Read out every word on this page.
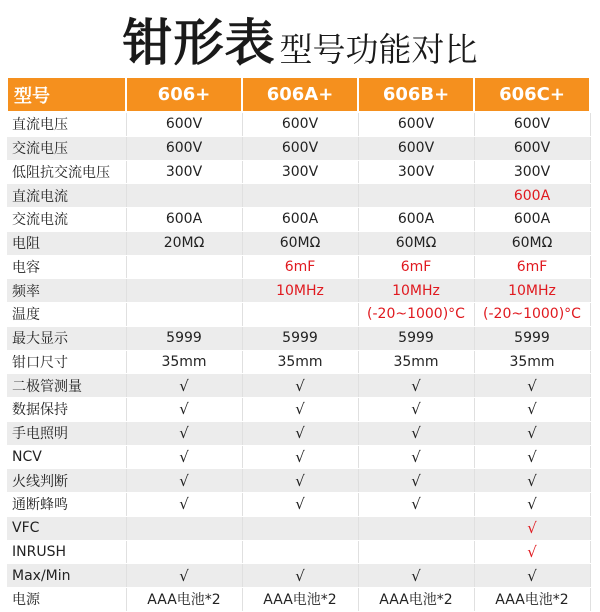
钳形表 型号功能对比
型号	606+	606A+	606B+	606C+
直流电压	600V	600V	600V	600V
交流电压	600V	600V	600V	600V
低阻抗交流电压	300V	300V	300V	300V
直流电流				600A
交流电流	600A	600A	600A	600A
电阻	20MΩ	60MΩ	60MΩ	60MΩ
电容		6mF	6mF	6mF
频率		10MHz	10MHz	10MHz
温度			(-20~1000)°C	(-20~1000)°C
最大显示	5999	5999	5999	5999
钳口尺寸	35mm	35mm	35mm	35mm
二极管测量	√	√	√	√
数据保持	√	√	√	√
手电照明	√	√	√	√
NCV	√	√	√	√
火线判断	√	√	√	√
通断蜂鸣	√	√	√	√
VFC				√
INRUSH				√
Max/Min	√	√	√	√
电源	AAA电池*2	AAA电池*2	AAA电池*2	AAA电池*2
